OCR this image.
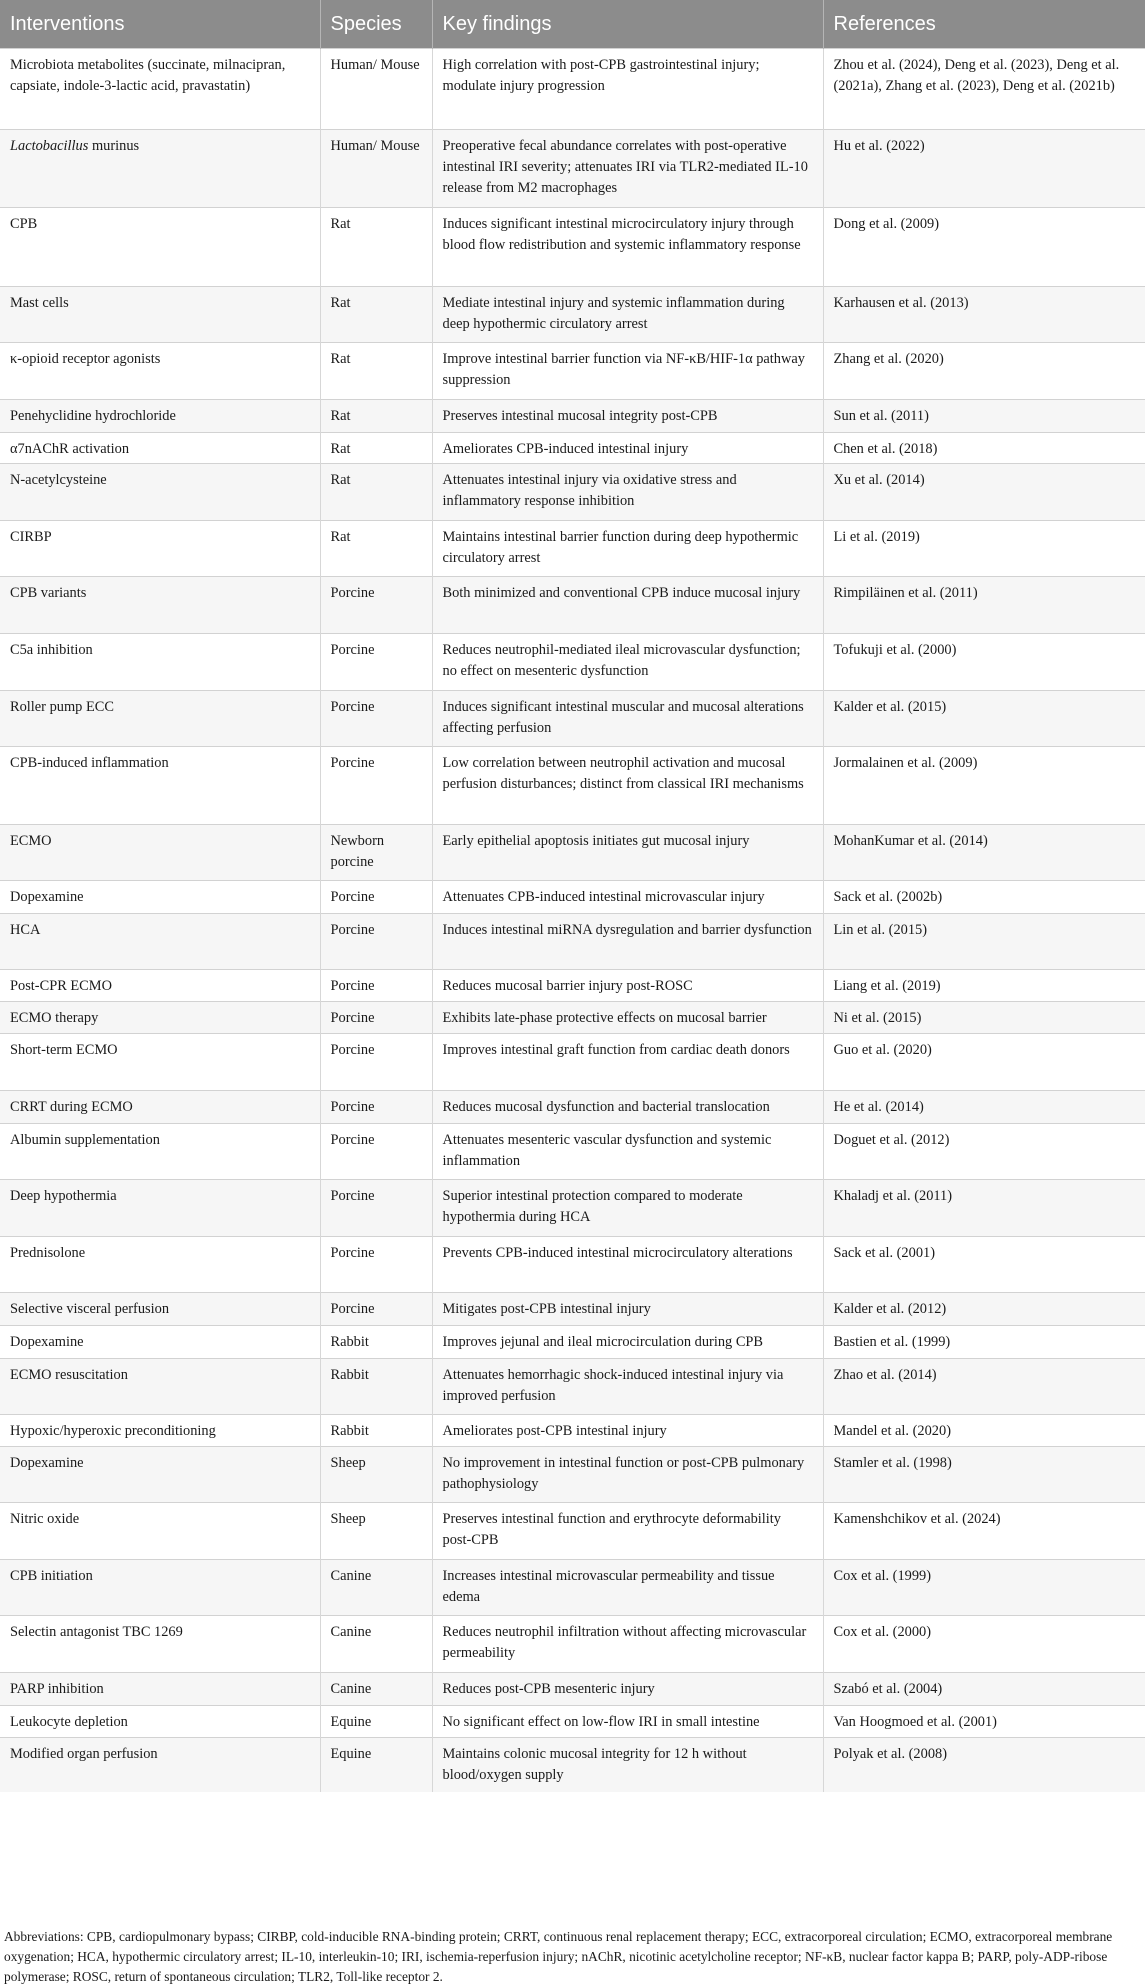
Interventions	Species	Key findings	References
Microbiota metabolites (succinate, milnacipran, capsiate, indole-3-lactic acid, pravastatin)	Human/ Mouse	High correlation with post-CPB gastrointestinal injury; modulate injury progression	Zhou et al. (2024), Deng et al. (2023), Deng et al. (2021a), Zhang et al. (2023), Deng et al. (2021b)
Lactobacillus murinus	Human/ Mouse	Preoperative fecal abundance correlates with post-operative intestinal IRI severity; attenuates IRI via TLR2-mediated IL-10 release from M2 macrophages	Hu et al. (2022)
CPB	Rat	Induces significant intestinal microcirculatory injury through blood flow redistribution and systemic inflammatory response	Dong et al. (2009)
Mast cells	Rat	Mediate intestinal injury and systemic inflammation during deep hypothermic circulatory arrest	Karhausen et al. (2013)
κ-opioid receptor agonists	Rat	Improve intestinal barrier function via NF-κB/HIF-1α pathway suppression	Zhang et al. (2020)
Penehyclidine hydrochloride	Rat	Preserves intestinal mucosal integrity post-CPB	Sun et al. (2011)
α7nAChR activation	Rat	Ameliorates CPB-induced intestinal injury	Chen et al. (2018)
N-acetylcysteine	Rat	Attenuates intestinal injury via oxidative stress and inflammatory response inhibition	Xu et al. (2014)
CIRBP	Rat	Maintains intestinal barrier function during deep hypothermic circulatory arrest	Li et al. (2019)
CPB variants	Porcine	Both minimized and conventional CPB induce mucosal injury	Rimpiläinen et al. (2011)
C5a inhibition	Porcine	Reduces neutrophil-mediated ileal microvascular dysfunction; no effect on mesenteric dysfunction	Tofukuji et al. (2000)
Roller pump ECC	Porcine	Induces significant intestinal muscular and mucosal alterations affecting perfusion	Kalder et al. (2015)
CPB-induced inflammation	Porcine	Low correlation between neutrophil activation and mucosal perfusion disturbances; distinct from classical IRI mechanisms	Jormalainen et al. (2009)
ECMO	Newborn porcine	Early epithelial apoptosis initiates gut mucosal injury	MohanKumar et al. (2014)
Dopexamine	Porcine	Attenuates CPB-induced intestinal microvascular injury	Sack et al. (2002b)
HCA	Porcine	Induces intestinal miRNA dysregulation and barrier dysfunction	Lin et al. (2015)
Post-CPR ECMO	Porcine	Reduces mucosal barrier injury post-ROSC	Liang et al. (2019)
ECMO therapy	Porcine	Exhibits late-phase protective effects on mucosal barrier	Ni et al. (2015)
Short-term ECMO	Porcine	Improves intestinal graft function from cardiac death donors	Guo et al. (2020)
CRRT during ECMO	Porcine	Reduces mucosal dysfunction and bacterial translocation	He et al. (2014)
Albumin supplementation	Porcine	Attenuates mesenteric vascular dysfunction and systemic inflammation	Doguet et al. (2012)
Deep hypothermia	Porcine	Superior intestinal protection compared to moderate hypothermia during HCA	Khaladj et al. (2011)
Prednisolone	Porcine	Prevents CPB-induced intestinal microcirculatory alterations	Sack et al. (2001)
Selective visceral perfusion	Porcine	Mitigates post-CPB intestinal injury	Kalder et al. (2012)
Dopexamine	Rabbit	Improves jejunal and ileal microcirculation during CPB	Bastien et al. (1999)
ECMO resuscitation	Rabbit	Attenuates hemorrhagic shock-induced intestinal injury via improved perfusion	Zhao et al. (2014)
Hypoxic/hyperoxic preconditioning	Rabbit	Ameliorates post-CPB intestinal injury	Mandel et al. (2020)
Dopexamine	Sheep	No improvement in intestinal function or post-CPB pulmonary pathophysiology	Stamler et al. (1998)
Nitric oxide	Sheep	Preserves intestinal function and erythrocyte deformability post-CPB	Kamenshchikov et al. (2024)
CPB initiation	Canine	Increases intestinal microvascular permeability and tissue edema	Cox et al. (1999)
Selectin antagonist TBC 1269	Canine	Reduces neutrophil infiltration without affecting microvascular permeability	Cox et al. (2000)
PARP inhibition	Canine	Reduces post-CPB mesenteric injury	Szabó et al. (2004)
Leukocyte depletion	Equine	No significant effect on low-flow IRI in small intestine	Van Hoogmoed et al. (2001)
Modified organ perfusion	Equine	Maintains colonic mucosal integrity for 12 h without blood/oxygen supply	Polyak et al. (2008)
Abbreviations: CPB, cardiopulmonary bypass; CIRBP, cold-inducible RNA-binding protein; CRRT, continuous renal replacement therapy; ECC, extracorporeal circulation; ECMO, extracorporeal membrane oxygenation; HCA, hypothermic circulatory arrest; IL-10, interleukin-10; IRI, ischemia-reperfusion injury; nAChR, nicotinic acetylcholine receptor; NF-κB, nuclear factor kappa B; PARP, poly-ADP-ribose polymerase; ROSC, return of spontaneous circulation; TLR2, Toll-like receptor 2.
